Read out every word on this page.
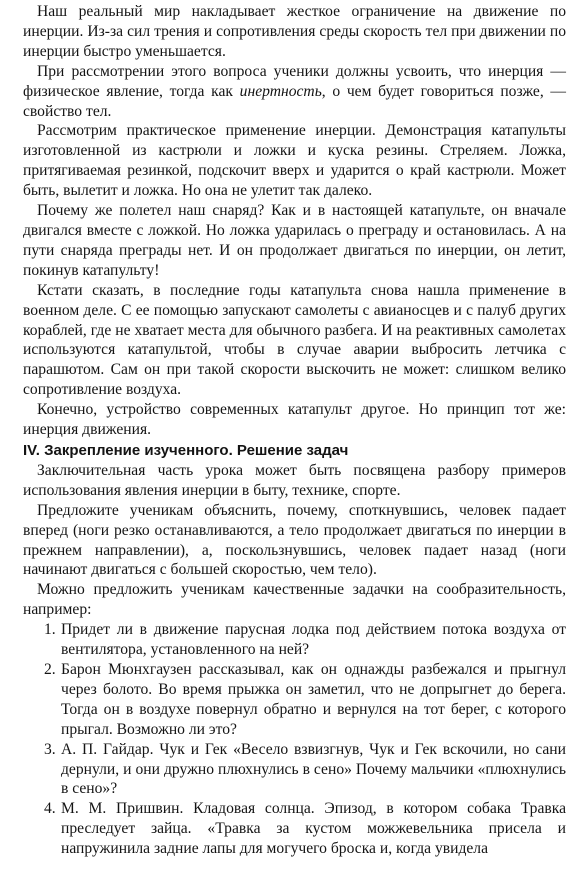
Наш реальный мир накладывает жесткое ограничение на движение по инерции. Из-за сил трения и сопротивления среды скорость тел при движении по инерции быстро уменьшается.

При рассмотрении этого вопроса ученики должны усвоить, что инерция — физическое явление, тогда как инертность, о чем будет говориться позже, — свойство тел.

Рассмотрим практическое применение инерции. Демонстрация катапульты изготовленной из кастрюли и ложки и куска резины. Стреляем. Ложка, притягиваемая резинкой, подскочит вверх и ударится о край кастрюли. Может быть, вылетит и ложка. Но она не улетит так далеко.

Почему же полетел наш снаряд? Как и в настоящей катапульте, он вначале двигался вместе с ложкой. Но ложка ударилась о преграду и остановилась. А на пути снаряда преграды нет. И он продолжает двигаться по инерции, он летит, покинув катапульту!

Кстати сказать, в последние годы катапульта снова нашла применение в военном деле. С ее помощью запускают самолеты с авианосцев и с палуб других кораблей, где не хватает места для обычного разбега. И на реактивных самолетах используются катапультой, чтобы в случае аварии выбросить летчика с парашютом. Сам он при такой скорости выскочить не может: слишком велико сопротивление воздуха.

Конечно, устройство современных катапульт другое. Но принцип тот же: инерция движения.

IV. Закрепление изученного. Решение задач

Заключительная часть урока может быть посвящена разбору примеров использования явления инерции в быту, технике, спорте.

Предложите ученикам объяснить, почему, споткнувшись, человек падает вперед (ноги резко останавливаются, а тело продолжает двигаться по инерции в прежнем направлении), а, поскользнувшись, человек падает назад (ноги начинают двигаться с большей скоростью, чем тело).

Можно предложить ученикам качественные задачки на сообразительность, например:

1. Придет ли в движение парусная лодка под действием потока воздуха от вентилятора, установленного на ней?
2. Барон Мюнхгаузен рассказывал, как он однажды разбежался и прыгнул через болото. Во время прыжка он заметил, что не допрыгнет до берега. Тогда он в воздухе повернул обратно и вернулся на тот берег, с которого прыгал. Возможно ли это?
3. А. П. Гайдар. Чук и Гек «Весело взвизгнув, Чук и Гек вскочили, но сани дернули, и они дружно плюхнулись в сено» Почему мальчики «плюхнулись в сено»?
4. М. М. Пришвин. Кладовая солнца. Эпизод, в котором собака Травка преследует зайца. «Травка за кустом можжевельника присела и напружинила задние лапы для могучего броска и, когда увидела
